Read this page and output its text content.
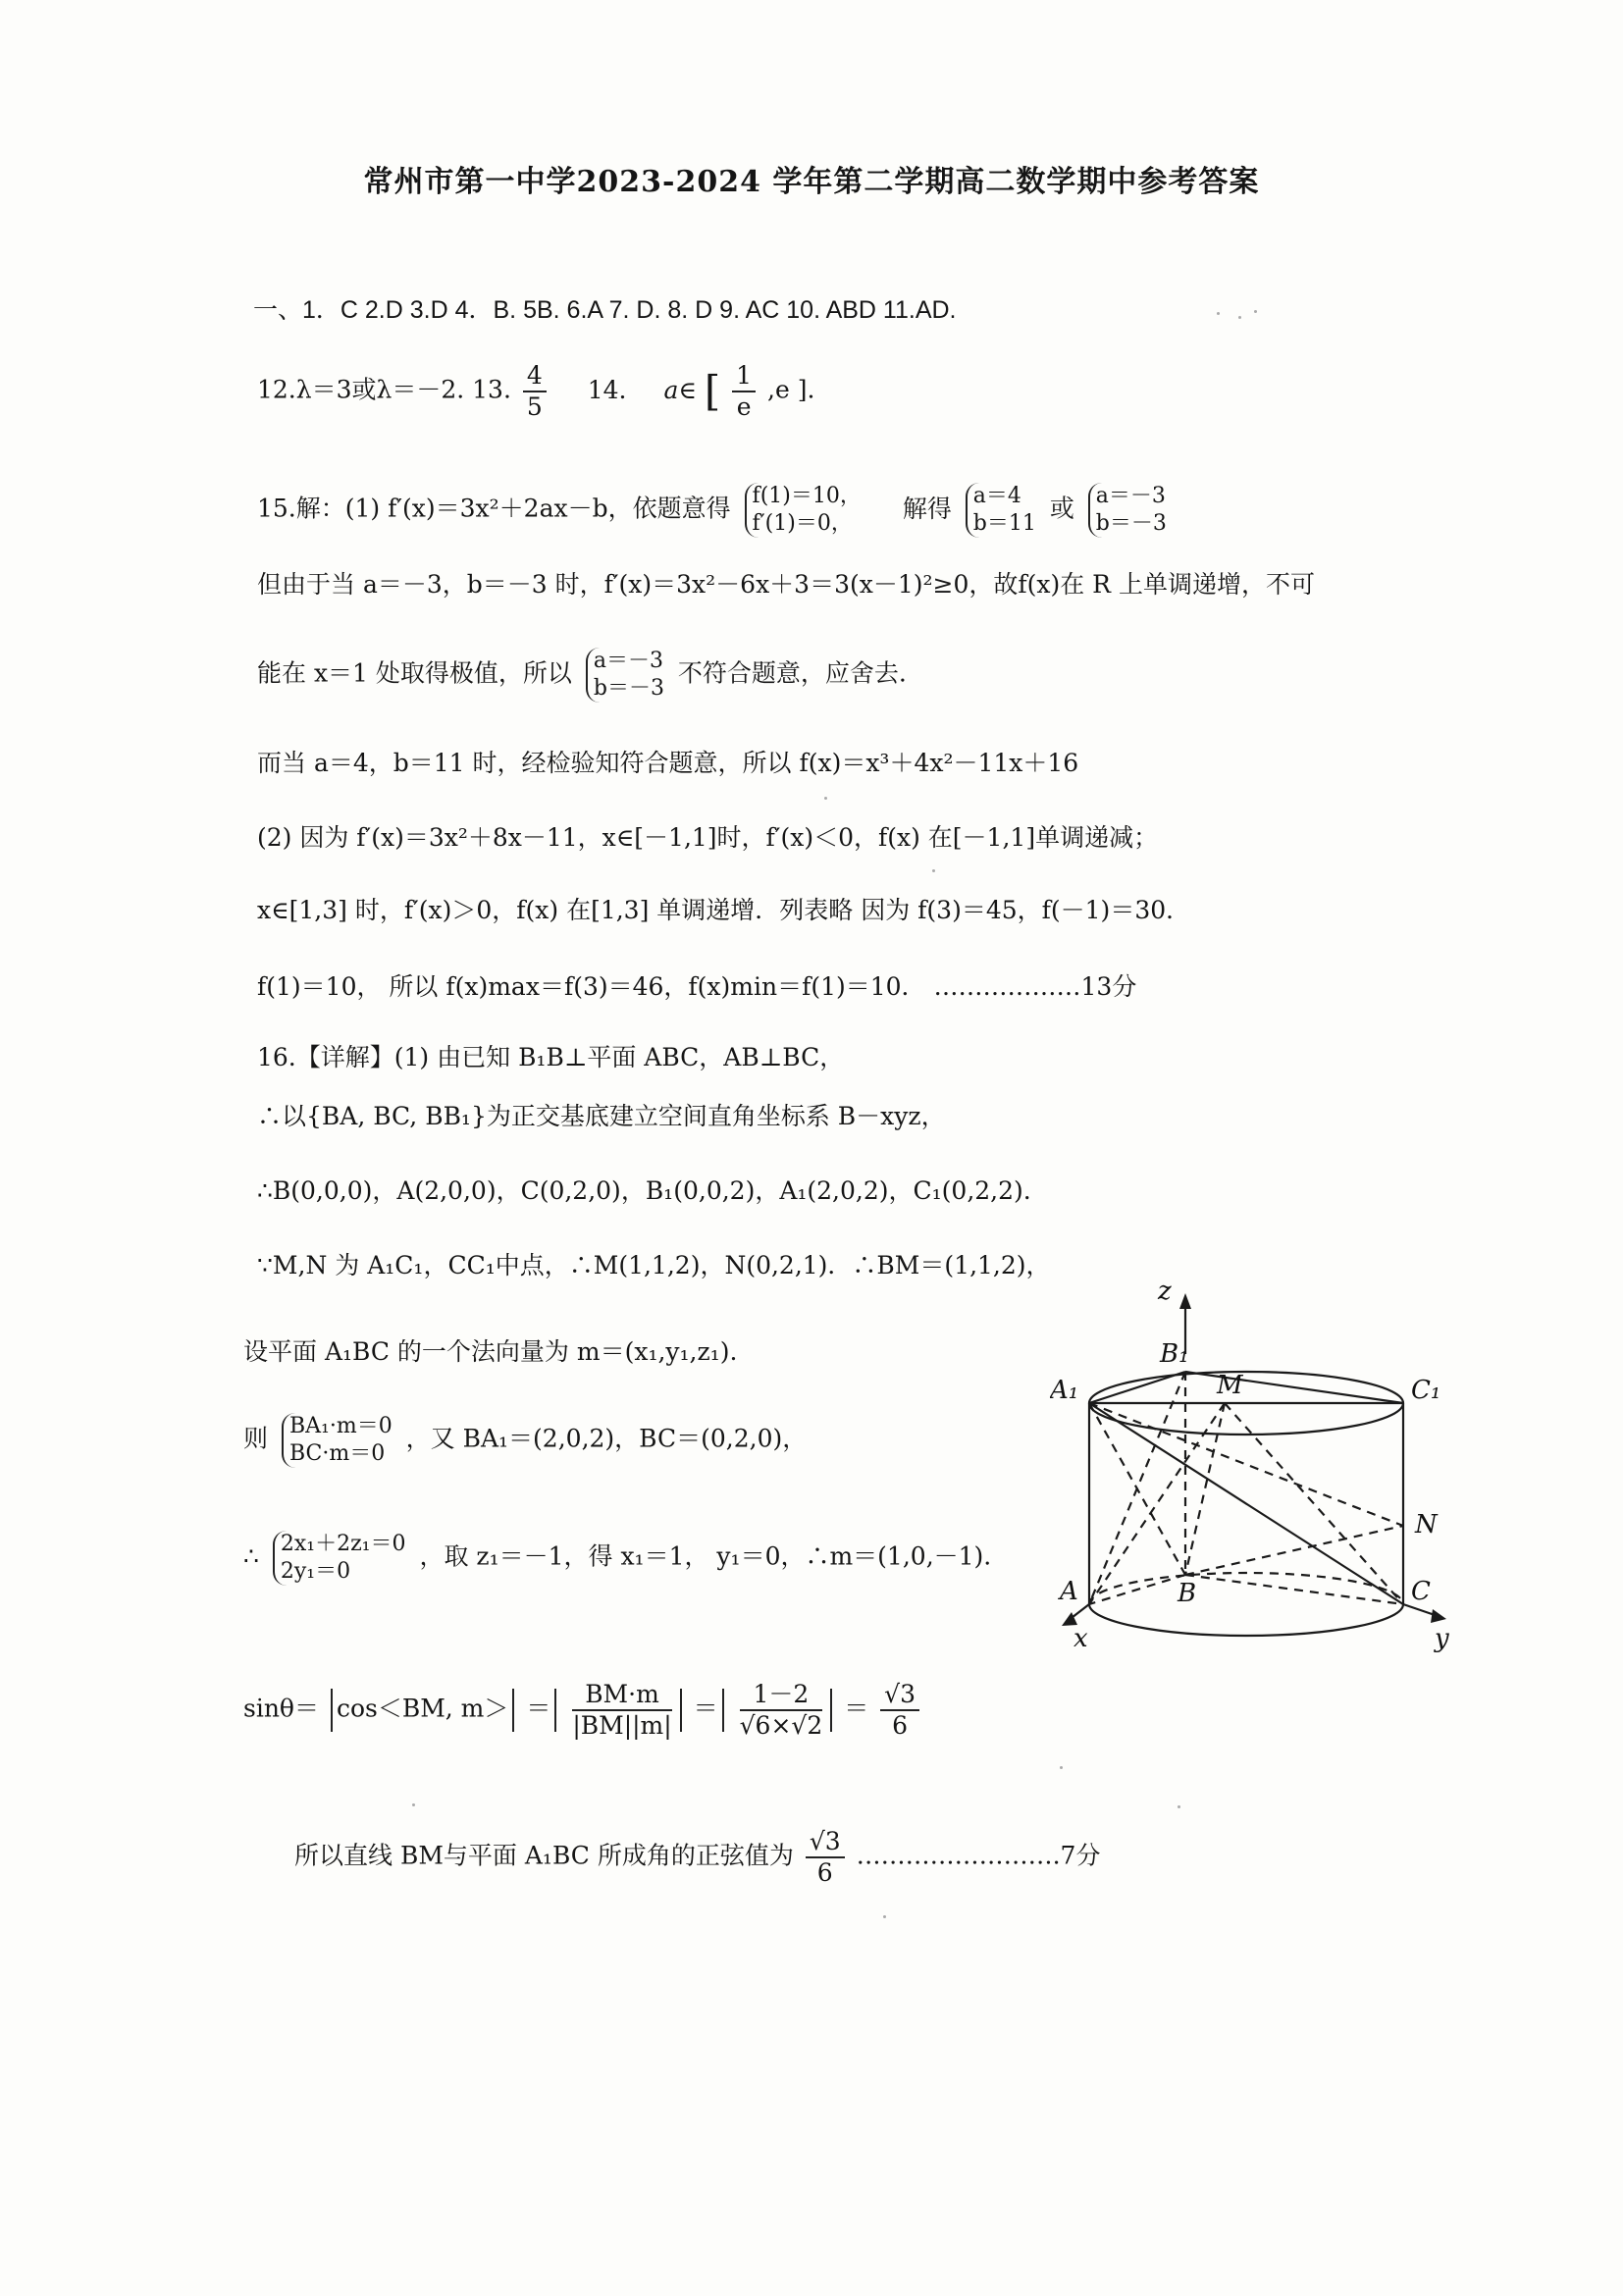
常州市第一中学2023-2024 学年第二学期高二数学期中参考答案
一、1．C 2.D 3.D 4．B. 5B. 6.A 7. D. 8. D 9. AC 10. ABD 11.AD.
12.λ＝3或λ＝－2. 13. $\frac{4}{5} 14$. a∈ [ $\frac{1}{e} ,e$ ].
15.解：(1) f′(x)＝3x²＋2ax－b，依题意得 f(1)＝10，
f′(1)＝0，
解得 a＝4
b＝11
或 a＝－3
b＝－3
但由于当 a＝－3，b＝－3 时，f′(x)＝3x²－6x＋3＝3(x－1)²≥0，故f(x)在 R 上单调递增，不可
能在 x＝1 处取得极值，所以 a＝－3
b＝－3
不符合题意，应舍去.
而当 a＝4，b＝11 时，经检验知符合题意，所以 f(x)＝x³＋4x²－11x＋16
(2) 因为 f′(x)＝3x²＋8x－11，x∈[－1,1]时，f′(x)＜0，f(x) 在[－1,1]单调递减；
x∈[1,3] 时，f′(x)＞0，f(x) 在[1,3] 单调递增．列表略 因为 f(3)＝45，f(－1)＝30．
f(1)＝10， 所以 f(x)max＝f(3)＝46，f(x)min＝f(1)＝10． ………………13分
16.【详解】(1) 由已知 B₁B⊥平面 ABC，AB⊥BC，
∴以{BA, BC, BB₁}为正交基底建立空间直角坐标系 B－xyz，
∴B(0,0,0)，A(2,0,0)，C(0,2,0)，B₁(0,0,2)，A₁(2,0,2)，C₁(0,2,2).
∵M,N 为 A₁C₁，CC₁中点，∴M(1,1,2)，N(0,2,1)．∴BM＝(1,1,2)，
设平面 A₁BC 的一个法向量为 m＝(x₁,y₁,z₁).
则 BA₁·m＝0
BC·m＝0
，又 BA₁＝(2,0,2)，BC＝(0,2,0)，
∴ 2x₁＋2z₁＝0
2y₁＝0
，取 z₁＝－1，得 x₁＝1， y₁＝0，∴m＝(1,0,－1).
sinθ＝ cos＜BM, $m> = \frac{BM\cdot m}{|BM||m|} = \frac{1-2}{√6\times√2} = \frac{√3}{6}$
所以直线 BM与平面 A₁BC 所成角的正弦值为 $\frac{√3}{6}$ …………………….7分
z
B₁
A₁	M	C₁
N
A	B	C
x	y
